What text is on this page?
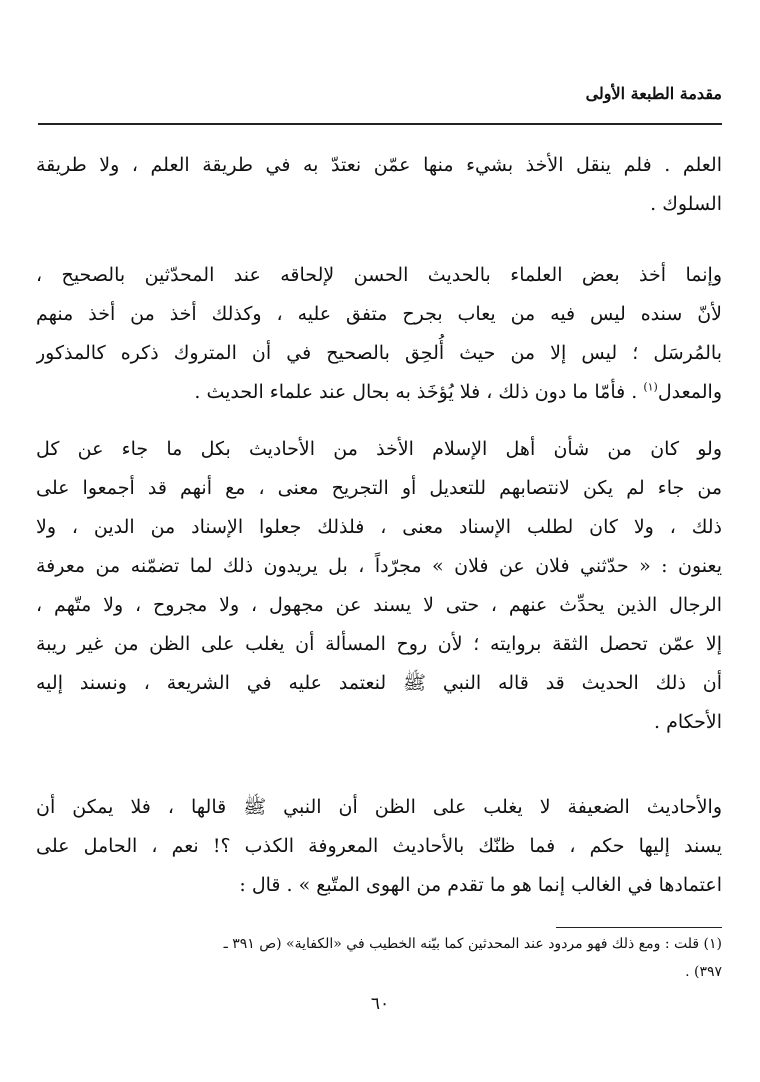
مقدمة الطبعة الأولى
العلم . فلم ينقل الأخذ بشيء منها عمّن نعتدّ به في طريقة العلم ، ولا طريقة
السلوك .
وإنما أخذ بعض العلماء بالحديث الحسن لإلحاقه عند المحدّثين بالصحيح ،
لأنّ سنده ليس فيه من يعاب بجرح متفق عليه ، وكذلك أخذ من أخذ منهم
بالمُرسَل ؛ ليس إلا من حيث أُلحِق بالصحيح في أن المتروك ذكره كالمذكور
والمعدل$^{(١)}$ . فأمّا ما دون ذلك ، فلا يُؤخَذ به بحال عند علماء الحديث .
ولو كان من شأن أهل الإسلام الأخذ من الأحاديث بكل ما جاء عن كل
من جاء لم يكن لانتصابهم للتعديل أو التجريح معنى ، مع أنهم قد أجمعوا على
ذلك ، ولا كان لطلب الإسناد معنى ، فلذلك جعلوا الإسناد من الدين ، ولا
يعنون : « حدّثني فلان عن فلان » مجرّداً ، بل يريدون ذلك لما تضمّنه من معرفة
الرجال الذين يحدِّث عنهم ، حتى لا يسند عن مجهول ، ولا مجروح ، ولا متّهم ،
إلا عمّن تحصل الثقة بروايته ؛ لأن روح المسألة أن يغلب على الظن من غير ريبة
أن ذلك الحديث قد قاله النبي ﷺ لنعتمد عليه في الشريعة ، ونسند إليه
الأحكام .
والأحاديث الضعيفة لا يغلب على الظن أن النبي ﷺ قالها ، فلا يمكن أن
يسند إليها حكم ، فما ظنّك بالأحاديث المعروفة الكذب ؟! نعم ، الحامل على
اعتمادها في الغالب إنما هو ما تقدم من الهوى المتّبع » . قال :
(١) قلت : ومع ذلك فهو مردود عند المحدثين كما بيّنه الخطيب في «الكفاية» (ص ٣٩١ ـ
٣٩٧) .
٦٠
